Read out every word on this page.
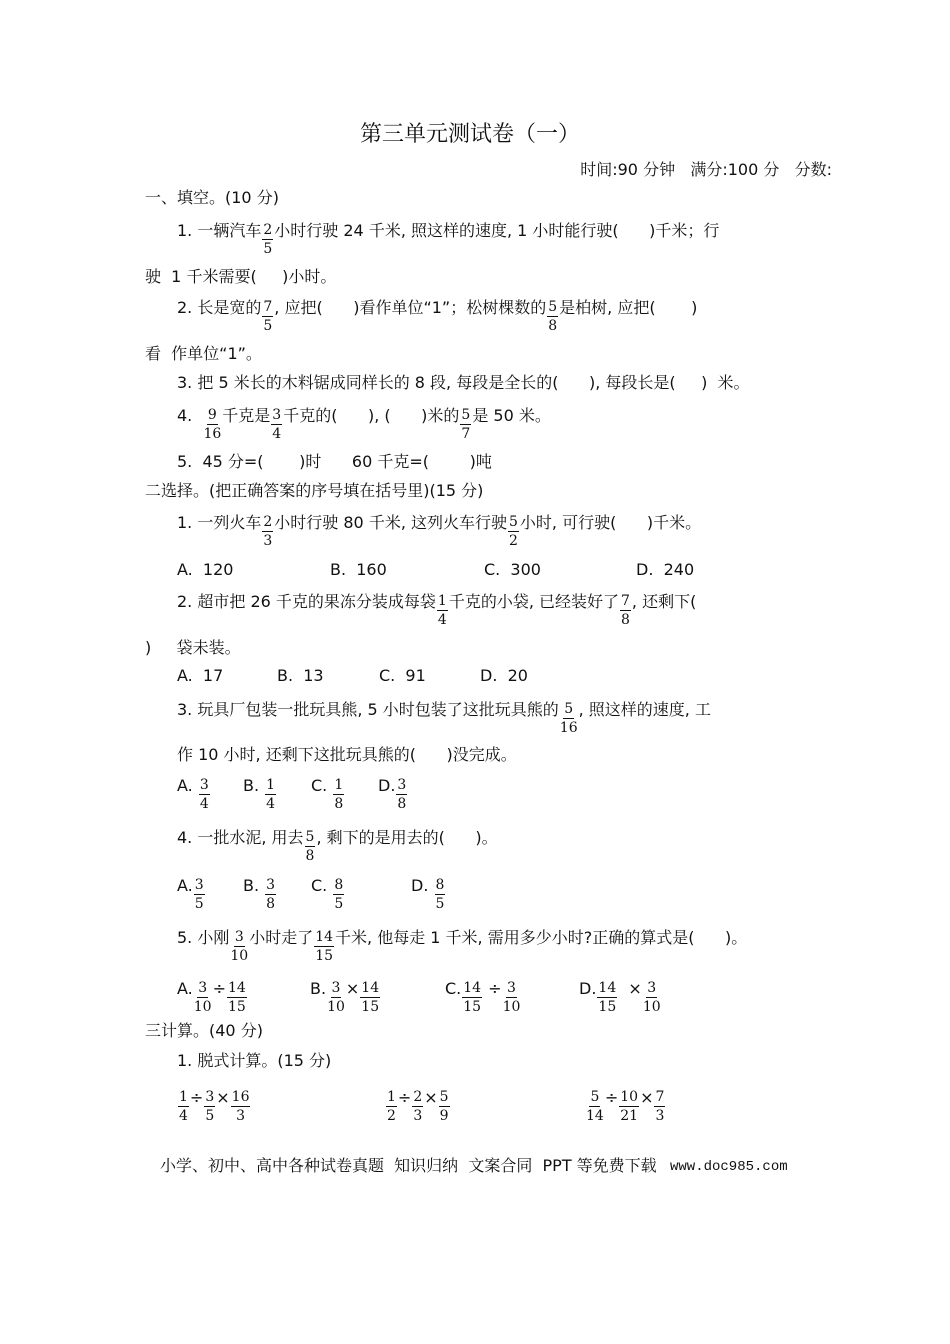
第三单元测试卷（一）
时间:90 分钟   满分:100 分   分数:
一、填空。(10 分)
1. 一辆汽车 $\frac{2}{5}$ 小时行驶 24 千米, 照这样的速度, 1 小时能行驶(      )千米；行
驶  1 千米需要(     )小时。
2. 长是宽的 $\frac{7}{5}$ , 应把(      )看作单位“1”；松树棵数的 $\frac{5}{8}$ 是柏树, 应把(       )
看  作单位“1”。
3. 把 5 米长的木料锯成同样长的 8 段, 每段是全长的(      ), 每段长是(     )  米。
4. $\frac{9}{16}$ 千克是 $\frac{3}{4}$ 千克的(      ), (      )米的 $\frac{5}{7}$ 是 50 米。
5.  45 分=(       )时      60 千克=(        )吨
二选择。(把正确答案的序号填在括号里)(15 分)
1. 一列火车 $\frac{2}{3}$ 小时行驶 80 千米, 这列火车行驶 $\frac{5}{2}$ 小时, 可行驶(      )千米。
A.  120	B.  160	C.  300	D.  240
2. 超市把 26 千克的果冻分装成每袋 $\frac{1}{4}$ 千克的小袋, 已经装好了 $\frac{7}{8}$ , 还剩下(
)     袋未装。
A.  17	B.  13	C.  91	D.  20
3. 玩具厂包装一批玩具熊, 5 小时包装了这批玩具熊的 $\frac{5}{16}$ , 照这样的速度, 工
作 10 小时, 还剩下这批玩具熊的(      )没完成。
A. $\frac{3}{4} B$. $\frac{1}{4} C$. $\frac{1}{8} D$. $\frac{3}{8}$
4. 一批水泥, 用去 $\frac{5}{8}$ , 剩下的是用去的(      )。
A. $\frac{3}{5} B$. $\frac{3}{8} C$. $\frac{8}{5}$	D. $\frac{8}{5}$
5. 小刚 $\frac{3}{10}$ 小时走了 $\frac{14}{15}$ 千米, 他每走 1 千米, 需用多少小时?正确的算式是(      )。
A. $\frac{3}{10} \div \frac{14}{15}$	B. $\frac{3}{10} \times \frac{14}{15}$	C. $\frac{14}{15} \div \frac{3}{10}$	D. $\frac{14}{15} \times \frac{3}{10}$
三计算。(40 分)
1. 脱式计算。(15 分)
$\frac{1}{4} \div \frac{3}{5} \times \frac{16}{3}$	$\frac{1}{2} \div \frac{2}{3} \times \frac{5}{9}$	$\frac{5}{14} \div \frac{10}{21} \times \frac{7}{3}$
小学、初中、高中各种试卷真题  知识归纳  文案合同  PPT 等免费下载 www.doc985.com
